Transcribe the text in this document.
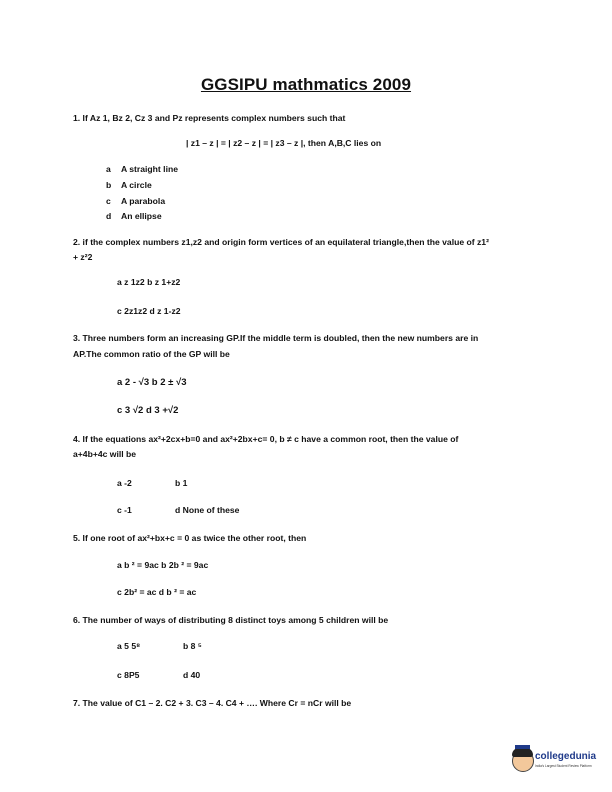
GGSIPU mathmatics 2009
1. If Az 1, Bz 2, Cz 3 and Pz represents complex numbers such that
| z1 – z | = | z2 – z | = | z3 – z |, then A,B,C lies on
a A straight line
b A circle
c A parabola
d An ellipse
2. if the complex numbers z1,z2 and origin form vertices of an equilateral triangle,then the value of z1²
+ z²2
a z 1z2 b z 1+z2
c 2z1z2 d z 1-z2
3. Three numbers form an increasing GP.If the middle term is doubled, then the new numbers are in
AP.The common ratio of the GP will be
a 2 - √3 b 2 ± √3
c 3 √2 d 3 +√2
4. If the equations ax²+2cx+b=0 and ax²+2bx+c= 0, b ≠ c have a common root, then the value of
a+4b+4c will be
a -2	b 1
c -1	d None of these
5. If one root of ax²+bx+c = 0 as twice the other root, then
a b ² = 9ac b 2b ² = 9ac
c 2b² = ac d b ² = ac
6. The number of ways of distributing 8 distinct toys among 5 children will be
a 5 5⁸	b 8 ⁵
c 8P5	d 40
7. The value of C1 – 2. C2 + 3. C3 – 4. C4 + …. Where Cr = nCr will be
collegedunia
India's Largest Student Review Platform
